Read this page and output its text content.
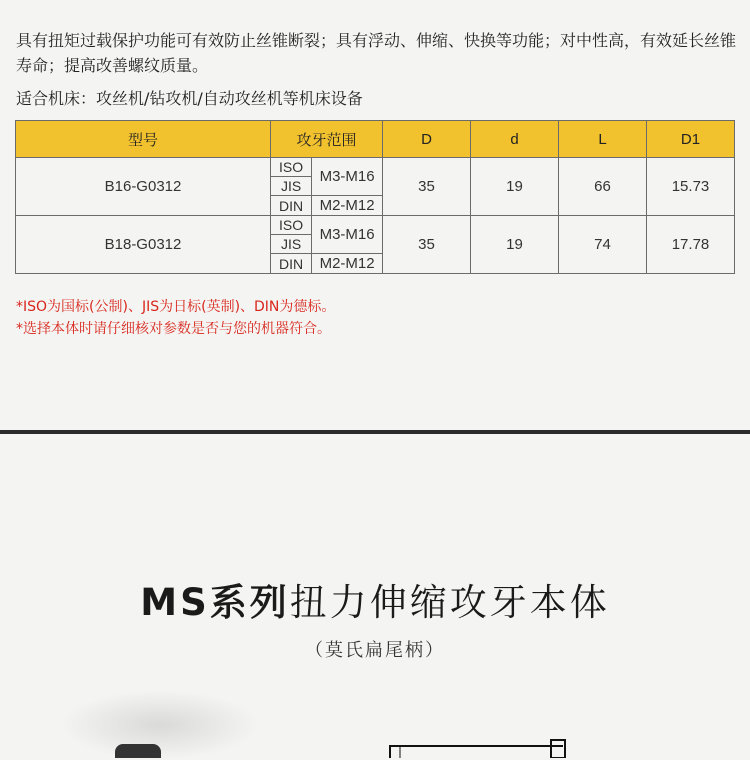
具有扭矩过载保护功能可有效防止丝锥断裂；具有浮动、伸缩、快换等功能；对中性高，有效延长丝锥寿命；提高改善螺纹质量。
适合机床：攻丝机/钻攻机/自动攻丝机等机床设备
型号	攻牙范围		D	d	L	D1
B16-G0312	ISO	M3-M16	35	19	66	15.73
	JIS					
	DIN	M2-M12				
B18-G0312	ISO	M3-M16	35	19	74	17.78
	JIS					
	DIN	M2-M12				
*ISO为国标(公制)、JIS为日标(英制)、DIN为德标。
*选择本体时请仔细核对参数是否与您的机器符合。
MS系列扭力伸缩攻牙本体
（莫氏扁尾柄）
